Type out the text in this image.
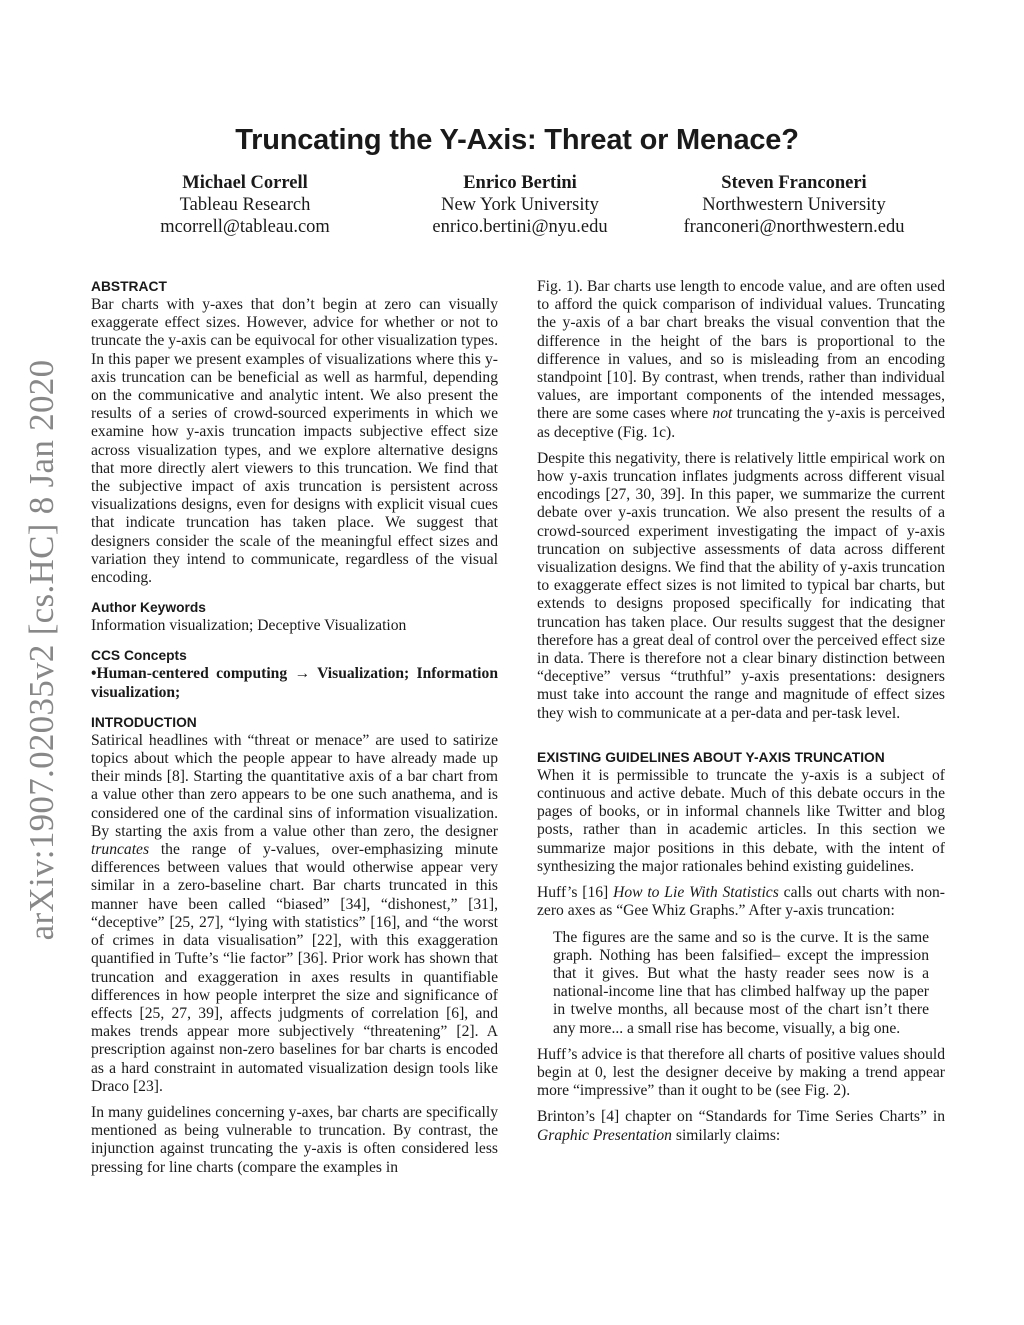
Truncating the Y-Axis: Threat or Menace?
Michael Correll
Tableau Research
mcorrell@tableau.com
Enrico Bertini
New York University
enrico.bertini@nyu.edu
Steven Franconeri
Northwestern University
franconeri@northwestern.edu
arXiv:1907.02035v2 [cs.HC] 8 Jan 2020
ABSTRACT

Bar charts with y-axes that don’t begin at zero can visually exaggerate effect sizes. However, advice for whether or not to truncate the y-axis can be equivocal for other visualization types. In this paper we present examples of visualizations where this y-axis truncation can be beneficial as well as harmful, depending on the communicative and analytic intent. We also present the results of a series of crowd-sourced experiments in which we examine how y-axis truncation impacts subjective effect size across visualization types, and we explore alternative designs that more directly alert viewers to this truncation. We find that the subjective impact of axis truncation is persistent across visualizations designs, even for designs with explicit visual cues that indicate truncation has taken place. We suggest that designers consider the scale of the meaningful effect sizes and variation they intend to communicate, regardless of the visual encoding.

Author Keywords

Information visualization; Deceptive Visualization

CCS Concepts

•Human-centered computing → Visualization; Information visualization;

INTRODUCTION

Satirical headlines with “threat or menace” are used to satirize topics about which the people appear to have already made up their minds [8]. Starting the quantitative axis of a bar chart from a value other than zero appears to be one such anathema, and is considered one of the cardinal sins of information visualization. By starting the axis from a value other than zero, the designer truncates the range of y-values, over-emphasizing minute differences between values that would otherwise appear very similar in a zero-baseline chart. Bar charts truncated in this manner have been called “biased” [34], “dishonest,” [31], “deceptive” [25, 27], “lying with statistics” [16], and “the worst of crimes in data visualisation” [22], with this exaggeration quantified in Tufte’s “lie factor” [36]. Prior work has shown that truncation and exaggeration in axes results in quantifiable differences in how people interpret the size and significance of effects [25, 27, 39], affects judgments of correlation [6], and makes trends appear more subjectively “threatening” [2]. A prescription against non-zero baselines for bar charts is encoded as a hard constraint in automated visualization design tools like Draco [23].

In many guidelines concerning y-axes, bar charts are specifically mentioned as being vulnerable to truncation. By contrast, the injunction against truncating the y-axis is often considered less pressing for line charts (compare the examples in

Fig. 1). Bar charts use length to encode value, and are often used to afford the quick comparison of individual values. Truncating the y-axis of a bar chart breaks the visual convention that the difference in the height of the bars is proportional to the difference in values, and so is misleading from an encoding standpoint [10]. By contrast, when trends, rather than individual values, are important components of the intended messages, there are some cases where not truncating the y-axis is perceived as deceptive (Fig. 1c).

Despite this negativity, there is relatively little empirical work on how y-axis truncation inflates judgments across different visual encodings [27, 30, 39]. In this paper, we summarize the current debate over y-axis truncation. We also present the results of a crowd-sourced experiment investigating the impact of y-axis truncation on subjective assessments of data across different visualization designs. We find that the ability of y-axis truncation to exaggerate effect sizes is not limited to typical bar charts, but extends to designs proposed specifically for indicating that truncation has taken place. Our results suggest that the designer therefore has a great deal of control over the perceived effect size in data. There is therefore not a clear binary distinction between “deceptive” versus “truthful” y-axis presentations: designers must take into account the range and magnitude of effect sizes they wish to communicate at a per-data and per-task level.

EXISTING GUIDELINES ABOUT Y-AXIS TRUNCATION

When it is permissible to truncate the y-axis is a subject of continuous and active debate. Much of this debate occurs in the pages of books, or in informal channels like Twitter and blog posts, rather than in academic articles. In this section we summarize major positions in this debate, with the intent of synthesizing the major rationales behind existing guidelines.

Huff’s [16] How to Lie With Statistics calls out charts with non-zero axes as “Gee Whiz Graphs.” After y-axis truncation:

The figures are the same and so is the curve. It is the same graph. Nothing has been falsified– except the impression that it gives. But what the hasty reader sees now is a national-income line that has climbed halfway up the paper in twelve months, all because most of the chart isn’t there any more... a small rise has become, visually, a big one.

Huff’s advice is that therefore all charts of positive values should begin at 0, lest the designer deceive by making a trend appear more “impressive” than it ought to be (see Fig. 2).

Brinton’s [4] chapter on “Standards for Time Series Charts” in Graphic Presentation similarly claims:
